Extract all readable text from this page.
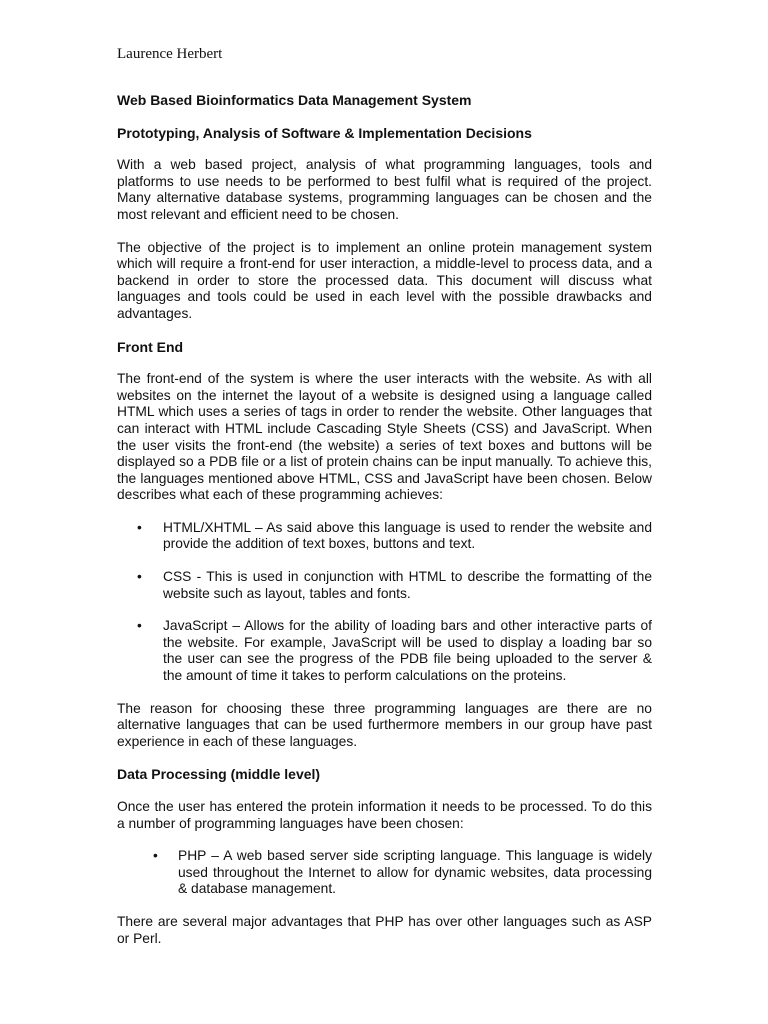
Laurence Herbert

Web Based Bioinformatics Data Management System

Prototyping, Analysis of Software & Implementation Decisions

With a web based project, analysis of what programming languages, tools and platforms to use needs to be performed to best fulfil what is required of the project. Many alternative database systems, programming languages can be chosen and the most relevant and efficient need to be chosen.

The objective of the project is to implement an online protein management system which will require a front-end for user interaction, a middle-level to process data, and a backend in order to store the processed data. This document will discuss what languages and tools could be used in each level with the possible drawbacks and advantages.

Front End

The front-end of the system is where the user interacts with the website. As with all websites on the internet the layout of a website is designed using a language called HTML which uses a series of tags in order to render the website. Other languages that can interact with HTML include Cascading Style Sheets (CSS) and JavaScript. When the user visits the front-end (the website) a series of text boxes and buttons will be displayed so a PDB file or a list of protein chains can be input manually. To achieve this, the languages mentioned above HTML, CSS and JavaScript have been chosen. Below describes what each of these programming achieves:

• HTML/XHTML – As said above this language is used to render the website and provide the addition of text boxes, buttons and text.
• CSS - This is used in conjunction with HTML to describe the formatting of the website such as layout, tables and fonts.
• JavaScript – Allows for the ability of loading bars and other interactive parts of the website. For example, JavaScript will be used to display a loading bar so the user can see the progress of the PDB file being uploaded to the server & the amount of time it takes to perform calculations on the proteins.

The reason for choosing these three programming languages are there are no alternative languages that can be used furthermore members in our group have past experience in each of these languages.

Data Processing (middle level)

Once the user has entered the protein information it needs to be processed. To do this a number of programming languages have been chosen:

• PHP – A web based server side scripting language. This language is widely used throughout the Internet to allow for dynamic websites, data processing & database management.

There are several major advantages that PHP has over other languages such as ASP or Perl.
